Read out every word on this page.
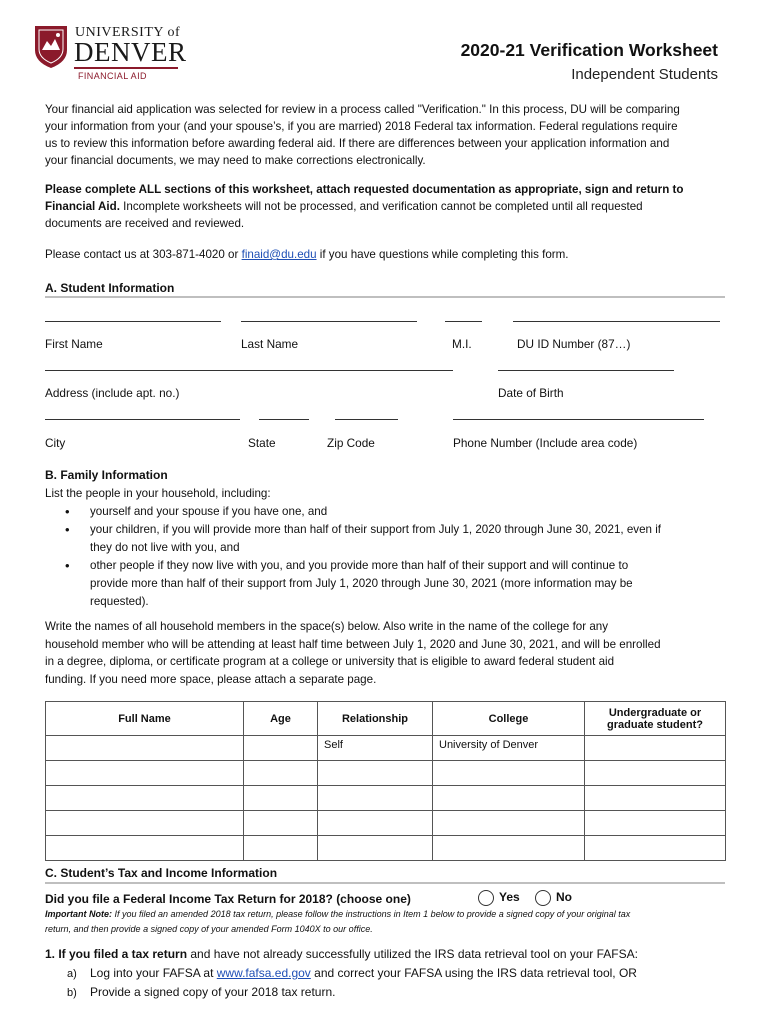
UNIVERSITY of
DENVER
FINANCIAL AID
2020-21 Verification Worksheet
Independent Students
Your financial aid application was selected for review in a process called "Verification." In this process, DU will be comparing
your information from your (and your spouse’s, if you are married) 2018 Federal tax information. Federal regulations require
us to review this information before awarding federal aid. If there are differences between your application information and
your financial documents, we may need to make corrections electronically.
Please complete ALL sections of this worksheet, attach requested documentation as appropriate, sign and return to
Financial Aid. Incomplete worksheets will not be processed, and verification cannot be completed until all requested
documents are received and reviewed.
Please contact us at 303-871-4020 or finaid@du.edu if you have questions while completing this form.
A. Student Information
First Name	Last Name	M.I.	DU ID Number (87…)
Address (include apt. no.)	Date of Birth
City	State	Zip Code	Phone Number (Include area code)
B. Family Information
List the people in your household, including:
• yourself and your spouse if you have one, and
• your children, if you will provide more than half of their support from July 1, 2020 through June 30, 2021, even if
they do not live with you, and
• other people if they now live with you, and you provide more than half of their support and will continue to
provide more than half of their support from July 1, 2020 through June 30, 2021 (more information may be
requested).
Write the names of all household members in the space(s) below. Also write in the name of the college for any
household member who will be attending at least half time between July 1, 2020 and June 30, 2021, and will be enrolled
in a degree, diploma, or certificate program at a college or university that is eligible to award federal student aid
funding. If you need more space, please attach a separate page.
Full Name	Age	Relationship	College	Undergraduate or graduate student?
		Self	University of Denver	

C. Student’s Tax and Income Information
Did you file a Federal Income Tax Return for 2018? (choose one)	Yes	No
Important Note: If you filed an amended 2018 tax return, please follow the instructions in Item 1 below to provide a signed copy of your original tax
return, and then provide a signed copy of your amended Form 1040X to our office.
1. If you filed a tax return and have not already successfully utilized the IRS data retrieval tool on your FAFSA:
a) Log into your FAFSA at www.fafsa.ed.gov and correct your FAFSA using the IRS data retrieval tool, OR
b) Provide a signed copy of your 2018 tax return.
